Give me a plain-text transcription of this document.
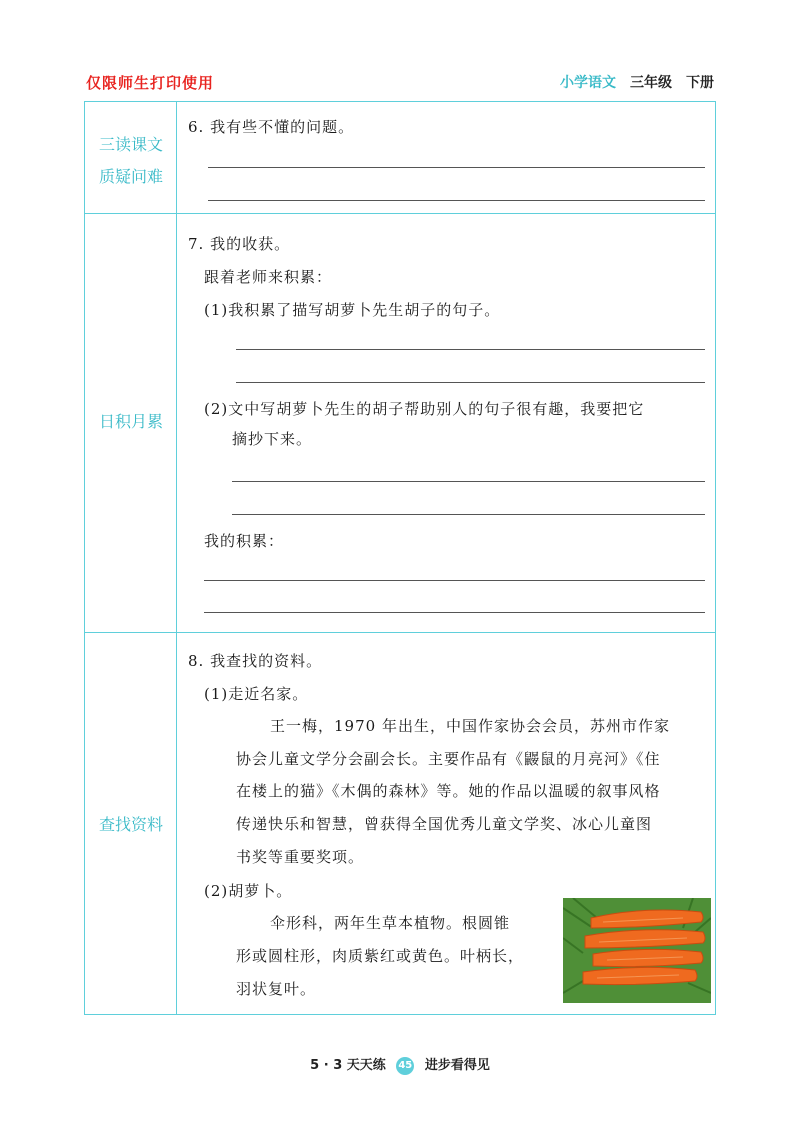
仅限师生打印使用	小学语文 三年级 下册
三读课文
质疑问难
日积月累
查找资料
6. 我有些不懂的问题。
7. 我的收获。
跟着老师来积累：
(1)我积累了描写胡萝卜先生胡子的句子。
(2)文中写胡萝卜先生的胡子帮助别人的句子很有趣，我要把它
摘抄下来。
我的积累：
8. 我查找的资料。
(1)走近名家。
王一梅，1970 年出生，中国作家协会会员，苏州市作家
协会儿童文学分会副会长。主要作品有《鼹鼠的月亮河》《住
在楼上的猫》《木偶的森林》等。她的作品以温暖的叙事风格
传递快乐和智慧，曾获得全国优秀儿童文学奖、冰心儿童图
书奖等重要奖项。
(2)胡萝卜。
伞形科，两年生草本植物。根圆锥
形或圆柱形，肉质紫红或黄色。叶柄长，
羽状复叶。
5 · 3 天天练 45 进步看得见
